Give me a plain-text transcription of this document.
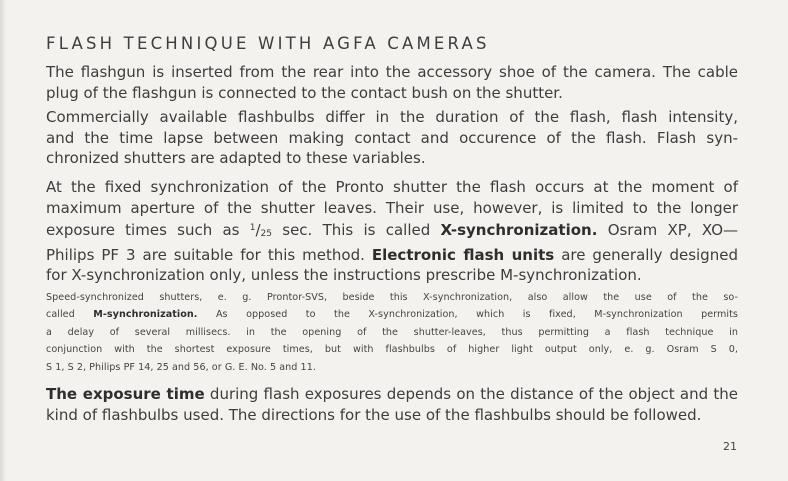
FLASH TECHNIQUE WITH AGFA CAMERAS

The flashgun is inserted from the rear into the accessory shoe of the camera. The cable
plug of the flashgun is connected to the contact bush on the shutter.

Commercially available flashbulbs differ in the duration of the flash, flash intensity,
and the time lapse between making contact and occurence of the flash. Flash syn-
chronized shutters are adapted to these variables.

At the fixed synchronization of the Pronto shutter the flash occurs at the moment of
maximum aperture of the shutter leaves. Their use, however, is limited to the longer
exposure times such as $^1/_{25}$ sec. This is called X-synchronization. Osram XP, XO—
Philips PF 3 are suitable for this method. Electronic flash units are generally designed
for X-synchronization only, unless the instructions prescribe M-synchronization.

Speed-synchronized shutters, e. g. Prontor-SVS, beside this X-synchronization, also allow the use of the so-
called M-synchronization. As opposed to the X-synchronization, which is fixed, M-synchronization permits
a delay of several millisecs. in the opening of the shutter-leaves, thus permitting a flash technique in
conjunction with the shortest exposure times, but with flashbulbs of higher light output only, e. g. Osram S 0,
S 1, S 2, Philips PF 14, 25 and 56, or G. E. No. 5 and 11.

The exposure time during flash exposures depends on the distance of the object and the
kind of flashbulbs used. The directions for the use of the flashbulbs should be followed.

21
